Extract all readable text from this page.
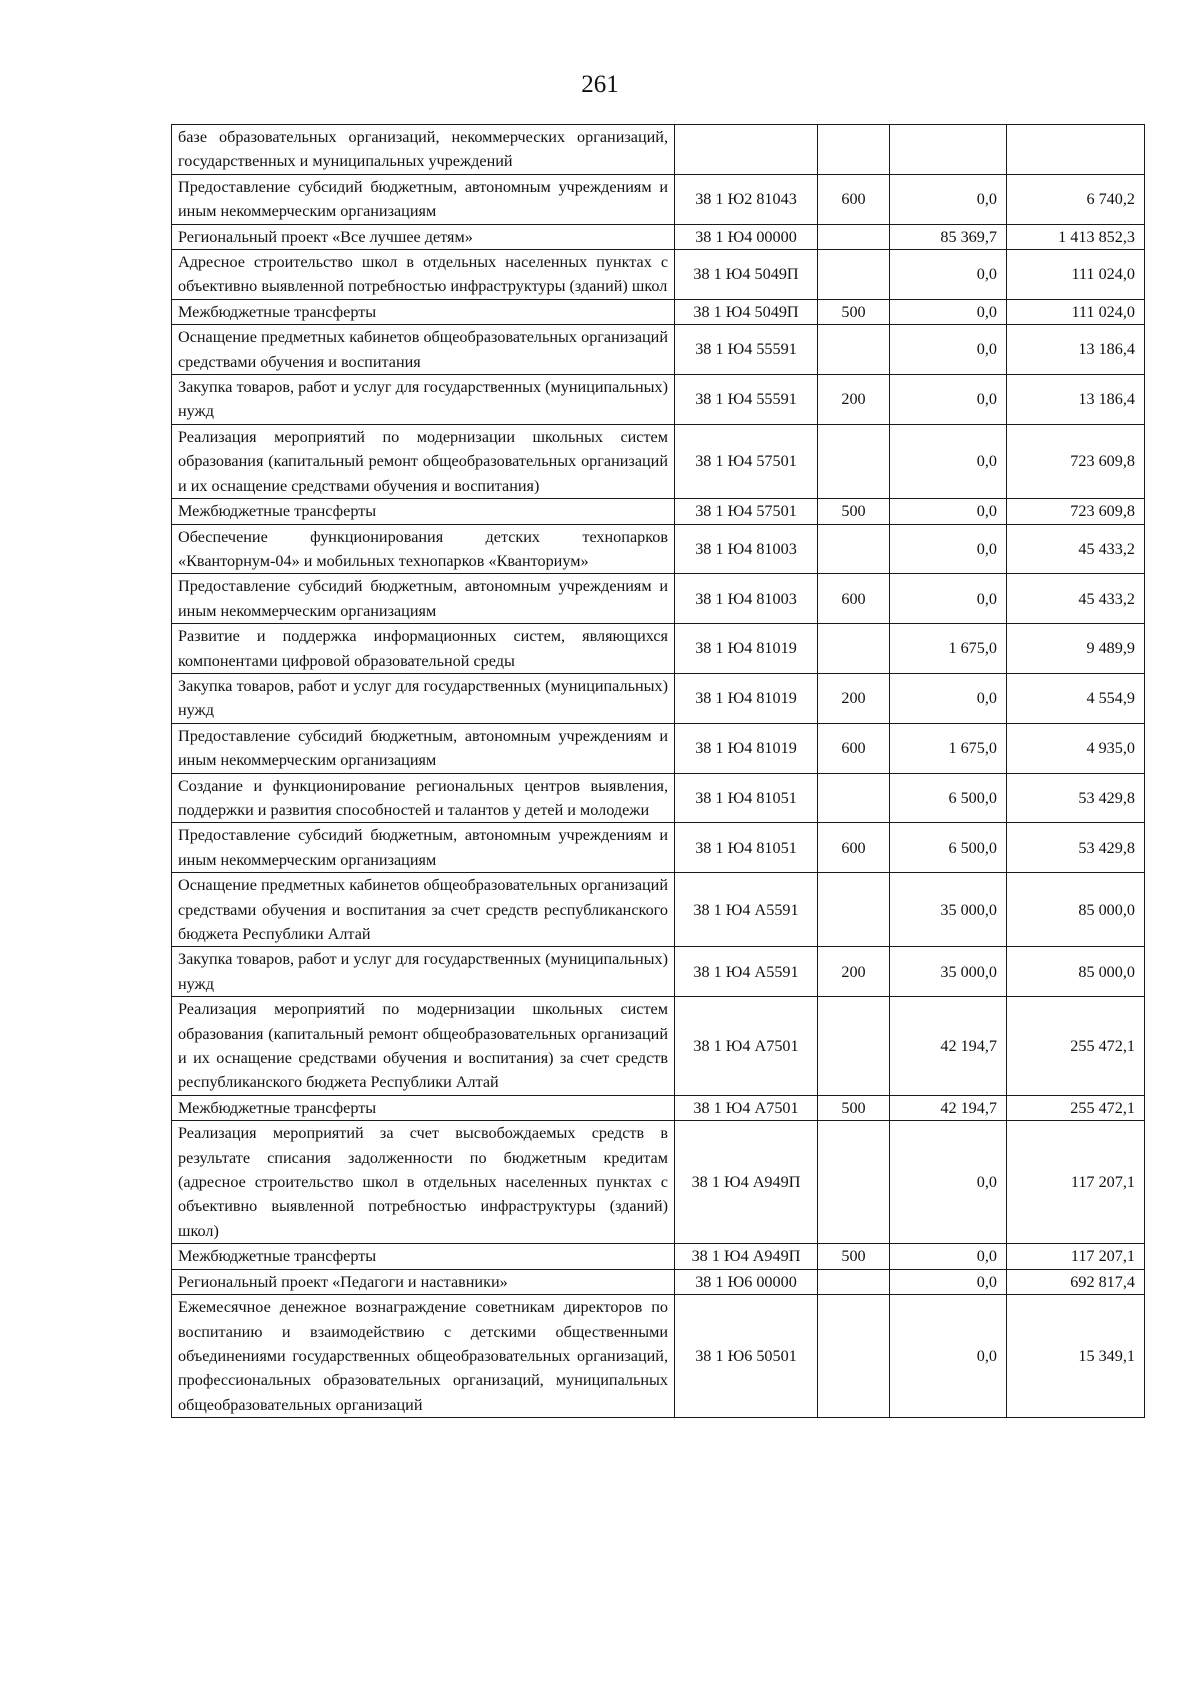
261
базе образовательных организаций, некоммерческих организаций, государственных и муниципальных учреждений				
Предоставление субсидий бюджетным, автономным учреждениям и иным некоммерческим организациям	38 1 Ю2 81043	600	0,0	6 740,2
Региональный проект «Все лучшее детям»	38 1 Ю4 00000		85 369,7	1 413 852,3
Адресное строительство школ в отдельных населенных пунктах с объективно выявленной потребностью инфраструктуры (зданий) школ	38 1 Ю4 5049П		0,0	111 024,0
Межбюджетные трансферты	38 1 Ю4 5049П	500	0,0	111 024,0
Оснащение предметных кабинетов общеобразовательных организаций средствами обучения и воспитания	38 1 Ю4 55591		0,0	13 186,4
Закупка товаров, работ и услуг для государственных (муниципальных) нужд	38 1 Ю4 55591	200	0,0	13 186,4
Реализация мероприятий по модернизации школьных систем образования (капитальный ремонт общеобразовательных организаций и их оснащение средствами обучения и воспитания)	38 1 Ю4 57501		0,0	723 609,8
Межбюджетные трансферты	38 1 Ю4 57501	500	0,0	723 609,8
Обеспечение функционирования детских технопарков «Кванторнум-04» и мобильных технопарков «Кванториум»	38 1 Ю4 81003		0,0	45 433,2
Предоставление субсидий бюджетным, автономным учреждениям и иным некоммерческим организациям	38 1 Ю4 81003	600	0,0	45 433,2
Развитие и поддержка информационных систем, являющихся компонентами цифровой образовательной среды	38 1 Ю4 81019		1 675,0	9 489,9
Закупка товаров, работ и услуг для государственных (муниципальных) нужд	38 1 Ю4 81019	200	0,0	4 554,9
Предоставление субсидий бюджетным, автономным учреждениям и иным некоммерческим организациям	38 1 Ю4 81019	600	1 675,0	4 935,0
Создание и функционирование региональных центров выявления, поддержки и развития способностей и талантов у детей и молодежи	38 1 Ю4 81051		6 500,0	53 429,8
Предоставление субсидий бюджетным, автономным учреждениям и иным некоммерческим организациям	38 1 Ю4 81051	600	6 500,0	53 429,8
Оснащение предметных кабинетов общеобразовательных организаций средствами обучения и воспитания за счет средств республиканского бюджета Республики Алтай	38 1 Ю4 А5591		35 000,0	85 000,0
Закупка товаров, работ и услуг для государственных (муниципальных) нужд	38 1 Ю4 А5591	200	35 000,0	85 000,0
Реализация мероприятий по модернизации школьных систем образования (капитальный ремонт общеобразовательных организаций и их оснащение средствами обучения и воспитания) за счет средств республиканского бюджета Республики Алтай	38 1 Ю4 А7501		42 194,7	255 472,1
Межбюджетные трансферты	38 1 Ю4 А7501	500	42 194,7	255 472,1
Реализация мероприятий за счет высвобождаемых средств в результате списания задолженности по бюджетным кредитам (адресное строительство школ в отдельных населенных пунктах с объективно выявленной потребностью инфраструктуры (зданий) школ)	38 1 Ю4 А949П		0,0	117 207,1
Межбюджетные трансферты	38 1 Ю4 А949П	500	0,0	117 207,1
Региональный проект «Педагоги и наставники»	38 1 Ю6 00000		0,0	692 817,4
Ежемесячное денежное вознаграждение советникам директоров по воспитанию и взаимодействию с детскими общественными объединениями государственных общеобразовательных организаций, профессиональных образовательных организаций, муниципальных общеобразовательных организаций	38 1 Ю6 50501		0,0	15 349,1
